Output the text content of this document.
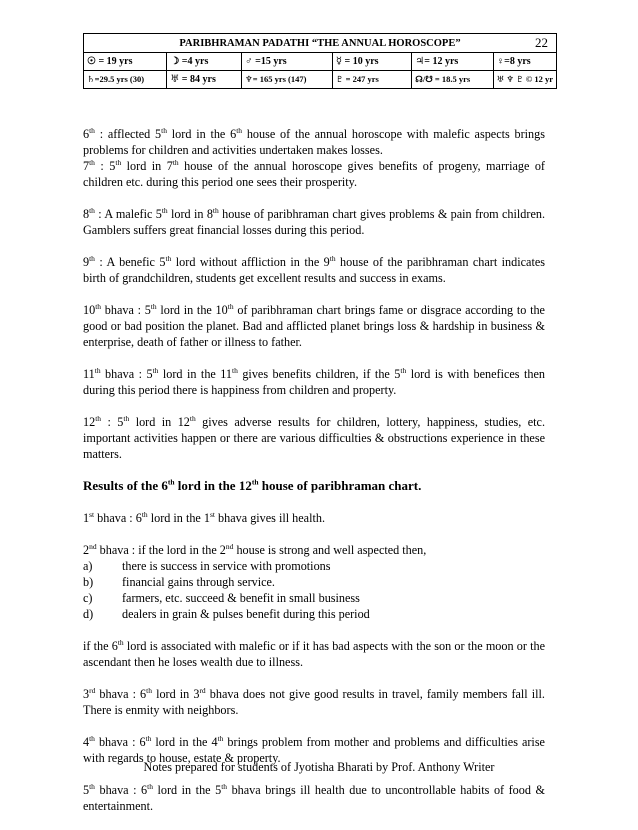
PARIBHRAMAN PADATHI “THE ANNUAL HOROSCOPE” 22					

☉ = 19 yrs	☽ =4 yrs	♂ =15 yrs	☿ = 10 yrs	♃= 12 yrs	♀=8 yrs
♄=29.5 yrs (30)	♅ = 84 yrs	♆= 165 yrs (147)	♇ = 247 yrs	☊/☋ = 18.5 yrs	♅ ♆ ♇ © 12 yr

6th : afflected 5th lord in the 6th house of the annual horoscope with malefic aspects brings problems for children and activities undertaken makes losses.

7th : 5th lord in 7th house of the annual horoscope gives benefits of progeny, marriage of children etc. during this period one sees their prosperity.

8th : A malefic 5th lord in 8th house of paribhraman chart gives problems & pain from children. Gamblers suffers great financial losses during this period.

9th : A benefic 5th lord without affliction in the 9th house of the paribhraman chart indicates birth of grandchildren, students get excellent results and success in exams.

10th bhava : 5th lord in the 10th of paribhraman chart brings fame or disgrace according to the good or bad position the planet. Bad and afflicted planet brings loss & hardship in business & enterprise, death of father or illness to father.

11th bhava : 5th lord in the 11th gives benefits children, if the 5th lord is with benefices then during this period there is happiness from children and property.

12th : 5th lord in 12th gives adverse results for children, lottery, happiness, studies, etc. important activities happen or there are various difficulties & obstructions experience in these matters.

Results of the 6th lord in the 12th house of paribhraman chart.

1st bhava : 6th lord in the 1st bhava gives ill health.

2nd bhava : if the lord in the 2nd house is strong and well aspected then,

a)	there is success in service with promotions
b)	financial gains through service.
c)	farmers, etc. succeed & benefit in small business
d)	dealers in grain & pulses benefit during this period

if the 6th lord is associated with malefic or if it has bad aspects with the son or the moon or the ascendant then he loses wealth due to illness.

3rd bhava : 6th lord in 3rd bhava does not give good results in travel, family members fall ill. There is enmity with neighbors.

4th bhava : 6th lord in the 4th brings problem from mother and problems and difficulties arise with regards to house, estate & property.

5th bhava : 6th lord in the 5th bhava brings ill health due to uncontrollable habits of food & entertainment.

Notes prepared for students of Jyotisha Bharati by Prof. Anthony Writer
